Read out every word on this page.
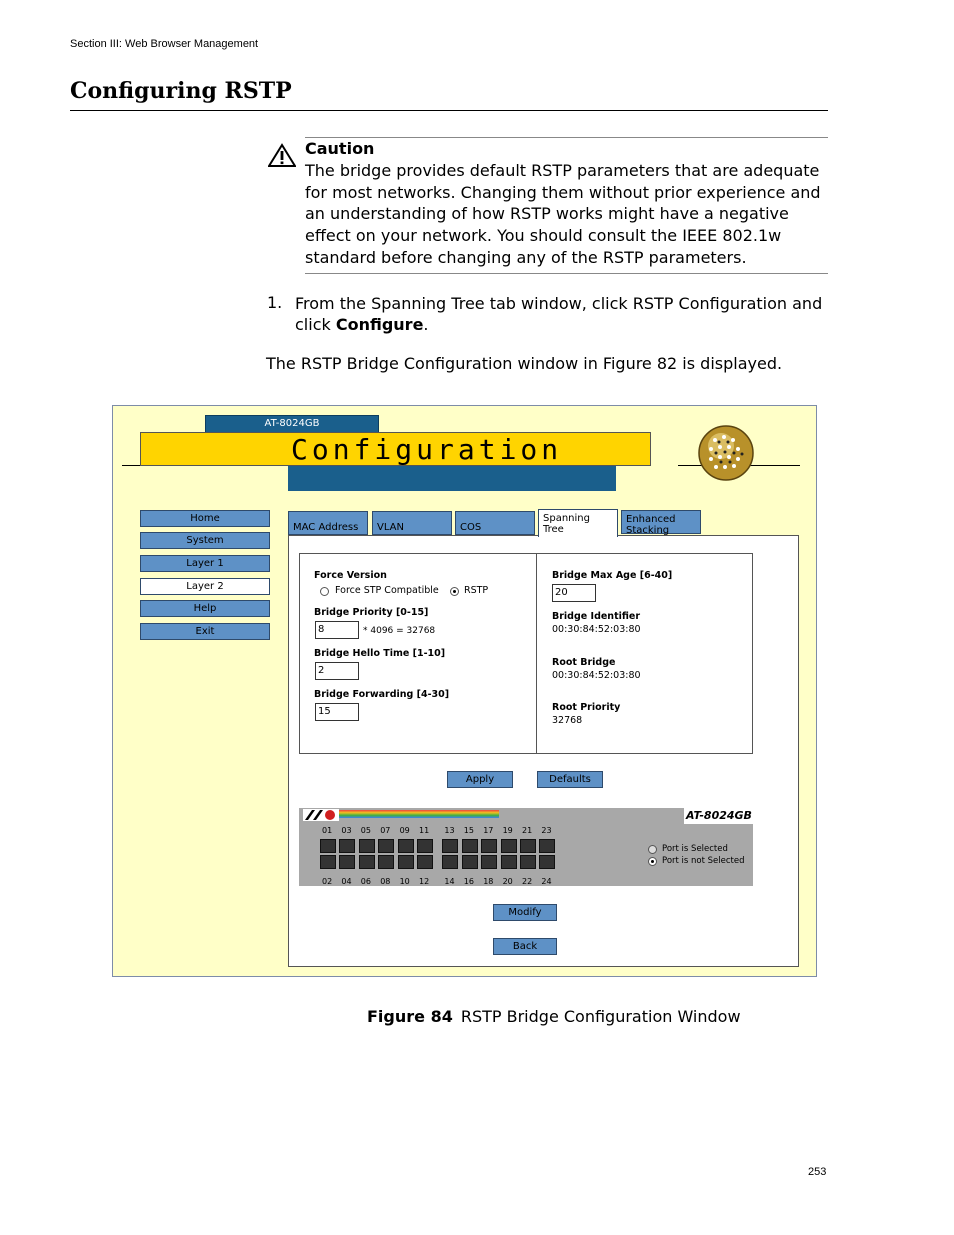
Section III: Web Browser Management
Configuring RSTP
Caution
The bridge provides default RSTP parameters that are adequate for most networks. Changing them without prior experience and an understanding of how RSTP works might have a negative effect on your network. You should consult the IEEE 802.1w standard before changing any of the RSTP parameters.
1. From the Spanning Tree tab window, click RSTP Configuration and click Configure.
The RSTP Bridge Configuration window in Figure 82 is displayed.
AT-8024GB
Configuration
Home
System
Layer 1
Layer 2
Help
Exit
MAC Address	VLAN	COS
Spanning
Tree
Enhanced
Stacking
Force Version
Force STP Compatible	RSTP
Bridge Priority [0-15]
8	* 4096 = 32768
Bridge Hello Time [1-10]
2
Bridge Forwarding [4-30]
15
Bridge Max Age [6-40]
20
Bridge Identifier
00:30:84:52:03:80
Root Bridge
00:30:84:52:03:80
Root Priority
32768
Apply	Defaults
AT-8024GB
Port is Selected
Port is not Selected
Modify
Back
01 03 05 07 09 11 13 15 17 19 21 23
02 04 06 08 10 12 14 16 18 20 22 24
Figure 84 RSTP Bridge Configuration Window
253
